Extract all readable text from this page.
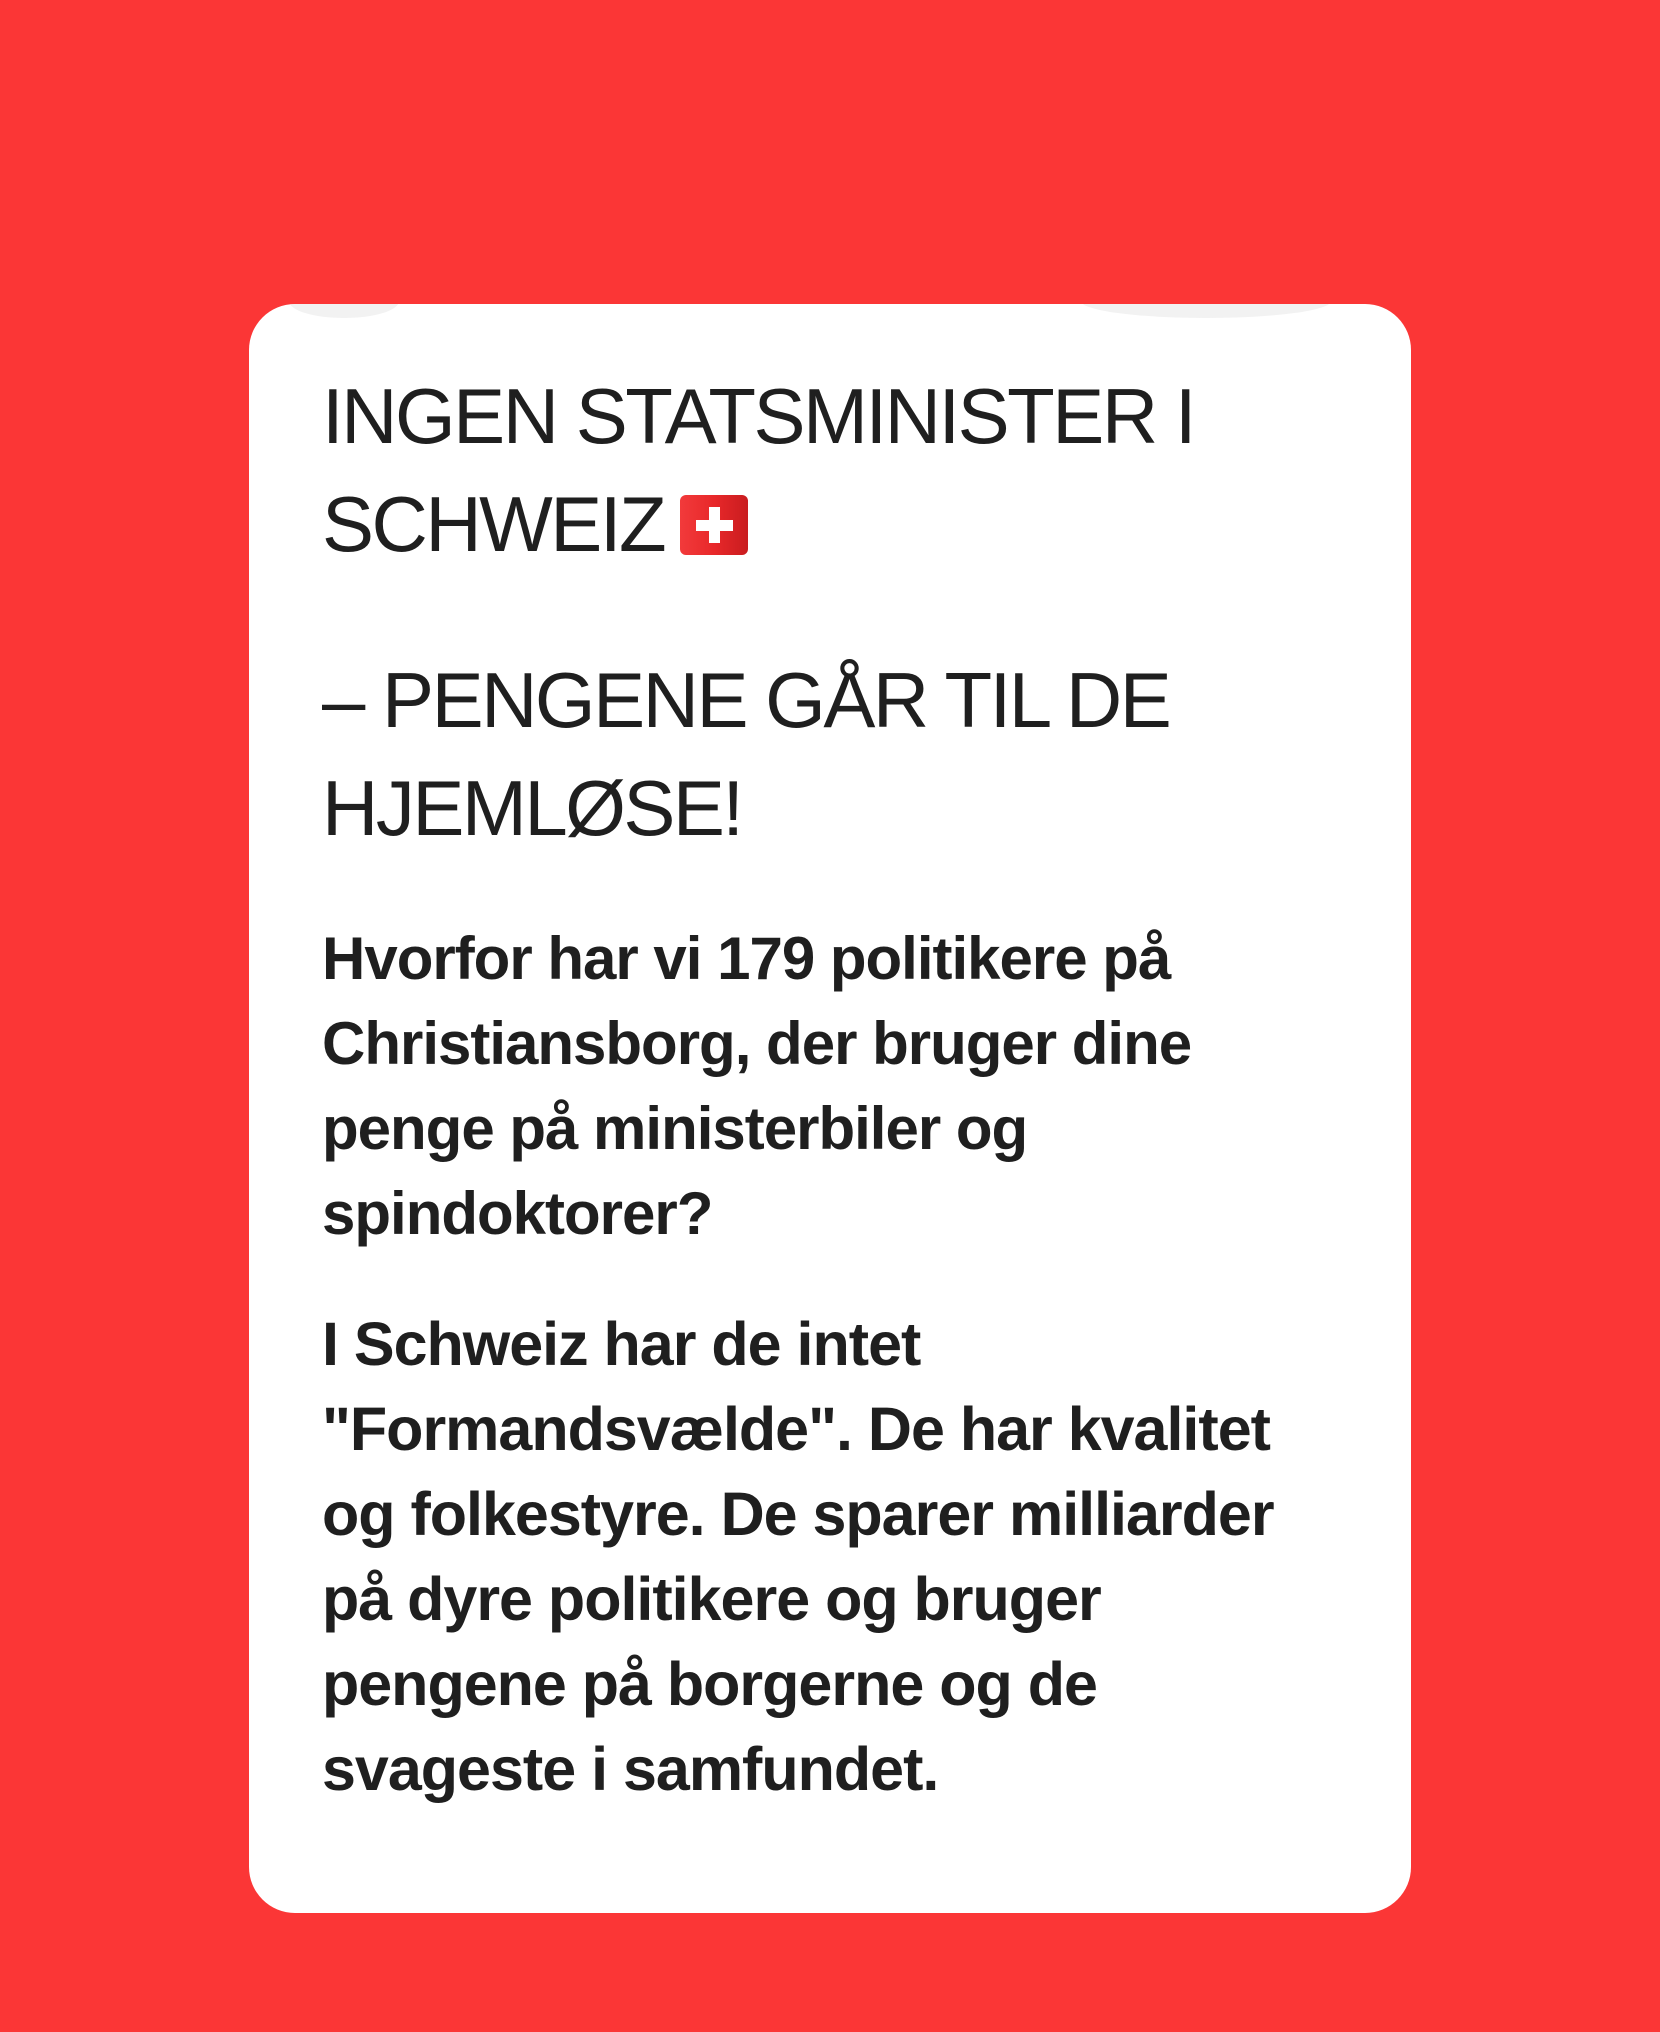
INGEN STATSMINISTER I
SCHWEIZ
– PENGENE GÅR TIL DE
HJEMLØSE!

Hvorfor har vi 179 politikere på Christiansborg, der bruger dine penge på ministerbiler og spindoktorer?

I Schweiz har de intet "Formandsvælde". De har kvalitet og folkestyre. De sparer milliarder på dyre politikere og bruger pengene på borgerne og de svageste i samfundet.
